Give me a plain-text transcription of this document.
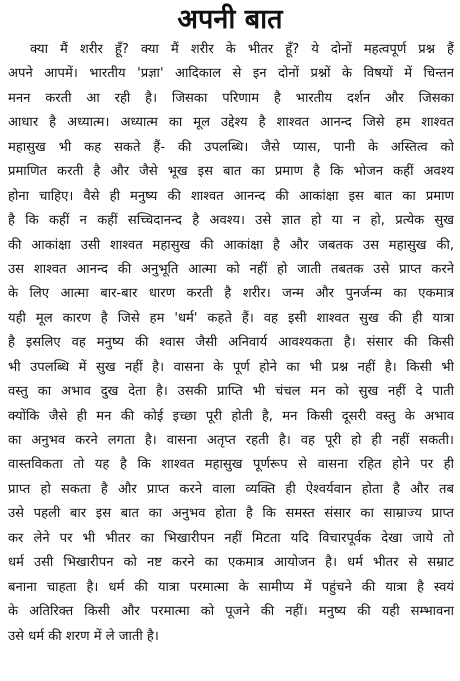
अपनी बात
क्या मैं शरीर हूँ? क्या मैं शरीर के भीतर हूँ? ये दोनों महत्वपूर्ण प्रश्न हैं
अपने आपमें। भारतीय 'प्रज्ञा' आदिकाल से इन दोनों प्रश्नों के विषयों में चिन्तन
मनन करती आ रही है। जिसका परिणाम है भारतीय दर्शन और जिसका
आधार है अध्यात्म। अध्यात्म का मूल उद्देश्य है शाश्वत आनन्द जिसे हम शाश्वत
महासुख भी कह सकते हैं- की उपलब्धि। जैसे प्यास, पानी के अस्तित्व को
प्रमाणित करती है और जैसे भूख इस बात का प्रमाण है कि भोजन कहीं अवश्य
होना चाहिए। वैसे ही मनुष्य की शाश्वत आनन्द की आकांक्षा इस बात का प्रमाण
है कि कहीं न कहीं सच्चिदानन्द है अवश्य। उसे ज्ञात हो या न हो, प्रत्येक सुख
की आकांक्षा उसी शाश्वत महासुख की आकांक्षा है और जबतक उस महासुख की,
उस शाश्वत आनन्द की अनुभूति आत्मा को नहीं हो जाती तबतक उसे प्राप्त करने
के लिए आत्मा बार-बार धारण करती है शरीर। जन्म और पुनर्जन्म का एकमात्र
यही मूल कारण है जिसे हम 'धर्म' कहते हैं। वह इसी शाश्वत सुख की ही यात्रा
है इसलिए वह मनुष्य की श्वास जैसी अनिवार्य आवश्यकता है। संसार की किसी
भी उपलब्धि में सुख नहीं है। वासना के पूर्ण होने का भी प्रश्न नहीं है। किसी भी
वस्तु का अभाव दुख देता है। उसकी प्राप्ति भी चंचल मन को सुख नहीं दे पाती
क्योंकि जैसे ही मन की कोई इच्छा पूरी होती है, मन किसी दूसरी वस्तु के अभाव
का अनुभव करने लगता है। वासना अतृप्त रहती है। वह पूरी हो ही नहीं सकती।
वास्तविकता तो यह है कि शाश्वत महासुख पूर्णरूप से वासना रहित होने पर ही
प्राप्त हो सकता है और प्राप्त करने वाला व्यक्ति ही ऐश्वर्यवान होता है और तब
उसे पहली बार इस बात का अनुभव होता है कि समस्त संसार का साम्राज्य प्राप्त
कर लेने पर भी भीतर का भिखारीपन नहीं मिटता यदि विचारपूर्वक देखा जाये तो
धर्म उसी भिखारीपन को नष्ट करने का एकमात्र आयोजन है। धर्म भीतर से सम्राट
बनाना चाहता है। धर्म की यात्रा परमात्मा के सामीप्य में पहुंचने की यात्रा है स्वयं
के अतिरिक्त किसी और परमात्मा को पूजने की नहीं। मनुष्य की यही सम्भावना
उसे धर्म की शरण में ले जाती है।
